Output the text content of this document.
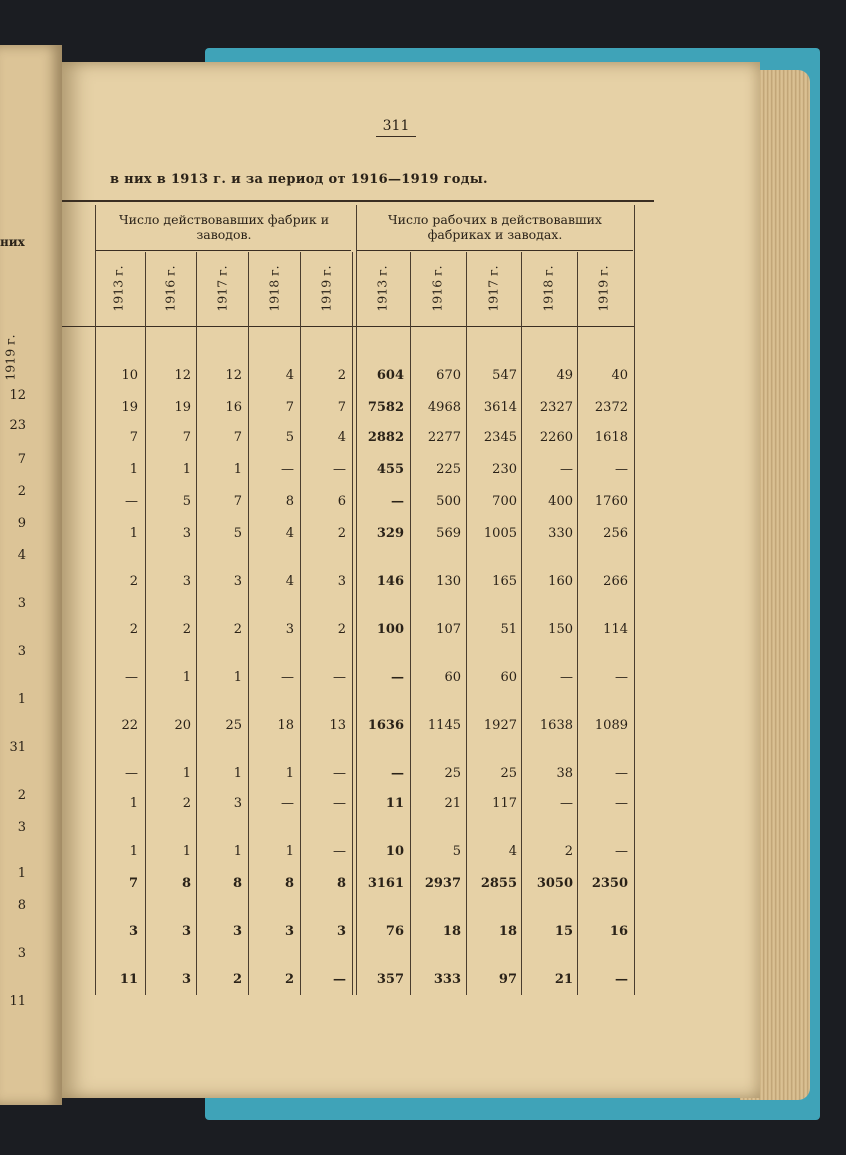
них
1919 г.
12
23
7
2
9
4
3
3
1
31
2
3
1
8
3
11
311
в них в 1913 г. и за период от 1916—1919 годы.
Число действовавших фабрик и заводов.
Число рабочих в действовавших фабриках и заводах.
1913 г.	1916 г.	1917 г.	1918 г.	1919 г.	1913 г.	1916 г.	1917 г.	1918 г.	1919 г.
10	12	12	4	2	604	670	547	49	40
19	19	16	7	7	7582	4968	3614	2327	2372
7	7	7	5	4	2882	2277	2345	2260	1618
1	1	1	—	—	455	225	230	—	—
—	5	7	8	6	—	500	700	400	1760
1	3	5	4	2	329	569	1005	330	256
2	3	3	4	3	146	130	165	160	266
2	2	2	3	2	100	107	51	150	114
—	1	1	—	—	—	60	60	—	—
22	20	25	18	13	1636	1145	1927	1638	1089
—	1	1	1	—	—	25	25	38	—
1	2	3	—	—	11	21	117	—	—
1	1	1	1	—	10	5	4	2	—
7	8	8	8	8	3161	2937	2855	3050	2350
3	3	3	3	3	76	18	18	15	16
11	3	2	2	—	357	333	97	21	—
